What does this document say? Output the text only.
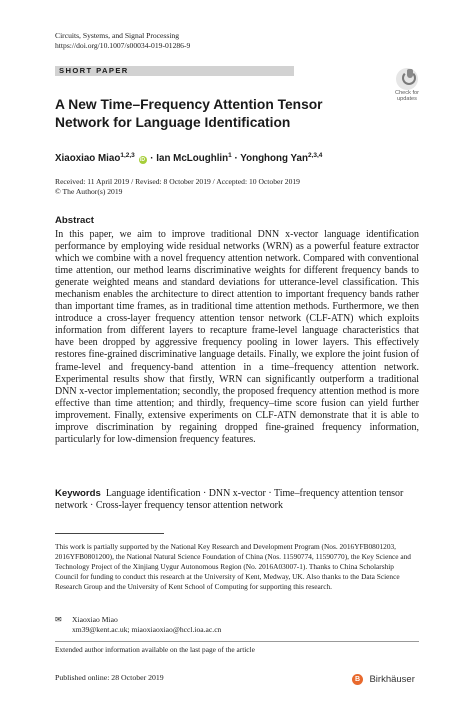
Circuits, Systems, and Signal Processing
https://doi.org/10.1007/s00034-019-01286-9
SHORT PAPER
Check for
updates
A New Time–Frequency Attention Tensor Network for Language Identification
Xiaoxiao Miao$^{1,2,3}$ iD · Ian McLoughlin$^1$ · Yonghong Yan$^{2,3,4}$
Received: 11 April 2019 / Revised: 8 October 2019 / Accepted: 10 October 2019
© The Author(s) 2019
Abstract
In this paper, we aim to improve traditional DNN x-vector language identification performance by employing wide residual networks (WRN) as a powerful feature extractor which we combine with a novel frequency attention network. Compared with conventional time attention, our method learns discriminative weights for different frequency bands to generate weighted means and standard deviations for utterance-level classification. This mechanism enables the architecture to direct attention to important frequency bands rather than important time frames, as in traditional time attention methods. Furthermore, we then introduce a cross-layer frequency attention tensor network (CLF-ATN) which exploits information from different layers to recapture frame-level language characteristics that have been dropped by aggressive frequency pooling in lower layers. This effectively restores fine-grained discriminative language details. Finally, we explore the joint fusion of frame-level and frequency-band attention in a time–frequency attention network. Experimental results show that firstly, WRN can significantly outperform a traditional DNN x-vector implementation; secondly, the proposed frequency attention method is more effective than time attention; and thirdly, frequency–time score fusion can yield further improvement. Finally, extensive experiments on CLF-ATN demonstrate that it is able to improve discrimination by regaining dropped fine-grained frequency information, particularly for low-dimension frequency features.
Keywords Language identification · DNN x-vector · Time–frequency attention tensor network · Cross-layer frequency tensor attention network
This work is partially supported by the National Key Research and Development Program (Nos. 2016YFB0801203, 2016YFB0801200), the National Natural Science Foundation of China (Nos. 11590774, 11590770), the Key Science and Technology Project of the Xinjiang Uygur Autonomous Region (No. 2016A03007-1). Thanks to China Scholarship Council for funding to conduct this research at the University of Kent, Medway, UK. Also thanks to the Data Science Research Group and the University of Kent School of Computing for supporting this research.
✉ Xiaoxiao Miao
xm39@kent.ac.uk; miaoxiaoxiao@hccl.ioa.ac.cn
Extended author information available on the last page of the article
Published online: 28 October 2019	B Birkhäuser
